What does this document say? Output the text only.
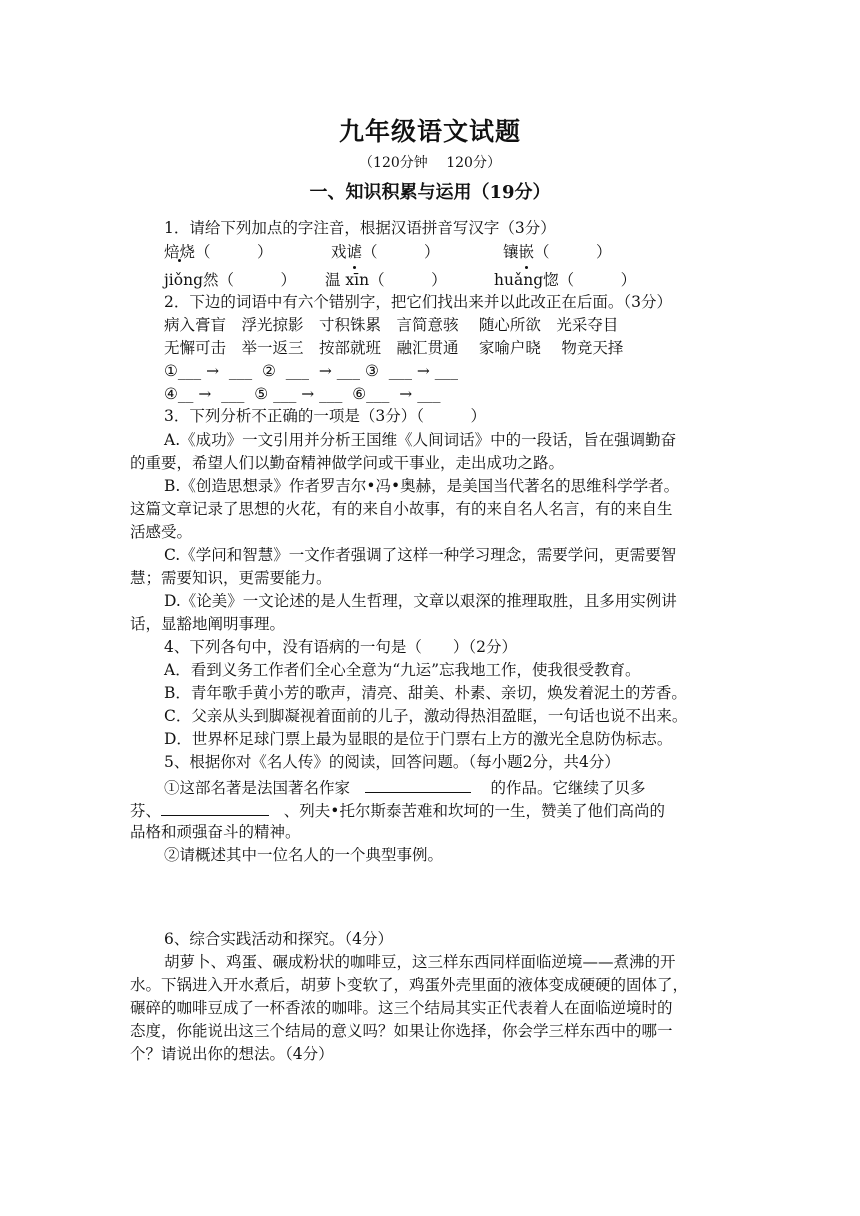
九年级语文试题
（120分钟　 120分）
一、知识积累与运用（19分）
1．请给下列加点的字注音，根据汉语拼音写汉字（3分）
焙烧（　　　）	戏谑（　　　）	镶嵌（　　　）
jiǒng然（　　　） 温 xīn（　　　）	huǎng惚（　　　）
2．下边的词语中有六个错别字，把它们找出来并以此改正在后面。（3分）
病入膏盲　浮光掠影　寸积铢累　言简意骇　 随心所欲　光采夺目
无懈可击　举一返三　按部就班　融汇贯通　 家喻户晓　 物竞天择
①___ →  ___  ②  ___  → ___ ③  ___ → ___
④__ →  ___  ⑤ ___ → ___  ⑥___  → ___
3．下列分析不正确的一项是（3分）（　　　）
A.《成功》一文引用并分析王国维《人间词话》中的一段话，旨在强调勤奋
的重要，希望人们以勤奋精神做学问或干事业，走出成功之路。
B.《创造思想录》作者罗吉尔•冯•奥赫，是美国当代著名的思维科学学者。
这篇文章记录了思想的火花，有的来自小故事，有的来自名人名言，有的来自生
活感受。
C.《学问和智慧》一文作者强调了这样一种学习理念，需要学问，更需要智
慧；需要知识，更需要能力。
D.《论美》一文论述的是人生哲理，文章以艰深的推理取胜，且多用实例讲
话，显豁地阐明事理。
4、下列各句中，没有语病的一句是（　　）（2分）
A．看到义务工作者们全心全意为“九运”忘我地工作，使我很受教育。
B．青年歌手黄小芳的歌声，清亮、甜美、朴素、亲切，焕发着泥土的芳香。
C．父亲从头到脚凝视着面前的儿子，激动得热泪盈眶，一句话也说不出来。
D．世界杯足球门票上最为显眼的是位于门票右上方的激光全息防伪标志。
5、根据你对《名人传》的阅读，回答问题。（每小题2分，共4分）
①这部名著是法国著名作家	的作品。它继续了贝多
芬、	、列夫•托尔斯泰苦难和坎坷的一生，赞美了他们高尚的
品格和顽强奋斗的精神。
②请概述其中一位名人的一个典型事例。
6、综合实践活动和探究。（4分）
胡萝卜、鸡蛋、碾成粉状的咖啡豆，这三样东西同样面临逆境——煮沸的开
水。下锅进入开水煮后，胡萝卜变软了，鸡蛋外壳里面的液体变成硬硬的固体了，
碾碎的咖啡豆成了一杯香浓的咖啡。这三个结局其实正代表着人在面临逆境时的
态度，你能说出这三个结局的意义吗？如果让你选择，你会学三样东西中的哪一
个？请说出你的想法。（4分）
